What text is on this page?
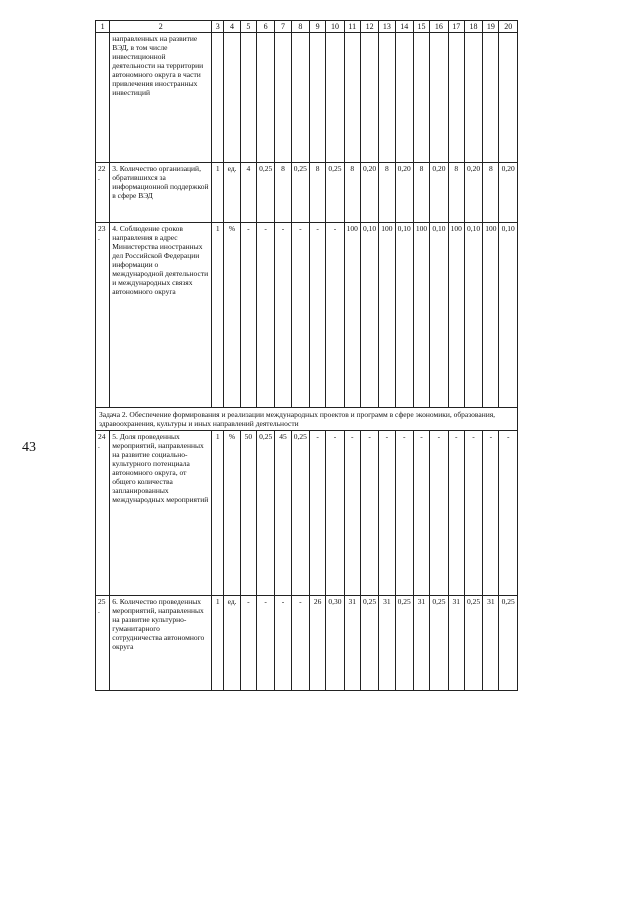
43
1	2	3	4	5	6	7	8	9	10	11	12	13	14	15	16	17	18	19	20
	направленных на развитие ВЭД, в том числе инвестиционной деятельности на территории автономного округа в части привлечения иностранных инвестиций																		
22.	3. Количество организаций, обратившихся за информационной поддержкой в сфере ВЭД	1	ед.	4	0,25	8	0,25	8	0,25	8	0,20	8	0,20	8	0,20	8	0,20	8	0,20
23.	4. Соблюдение сроков направления в адрес Министерства иностранных дел Российской Федерации информации о международной деятельности и международных связях автономного округа	1	%	-	-	-	-	-	-	100	0,10	100	0,10	100	0,10	100	0,10	100	0,10
Задача 2. Обеспечение формирования и реализации международных проектов и программ в сфере экономики, образования, здравоохранения, культуры и иных направлений деятельности																			
24.	5. Доля проведенных мероприятий, направленных на развитие социально-культурного потенциала автономного округа, от общего количества запланированных международных мероприятий	1	%	50	0,25	45	0,25	-	-	-	-	-	-	-	-	-	-	-	-
25.	6. Количество проведенных мероприятий, направленных на развитие культурно-гуманитарного сотрудничества автономного округа	1	ед.	-	-	-	-	26	0,30	31	0,25	31	0,25	31	0,25	31	0,25	31	0,25
